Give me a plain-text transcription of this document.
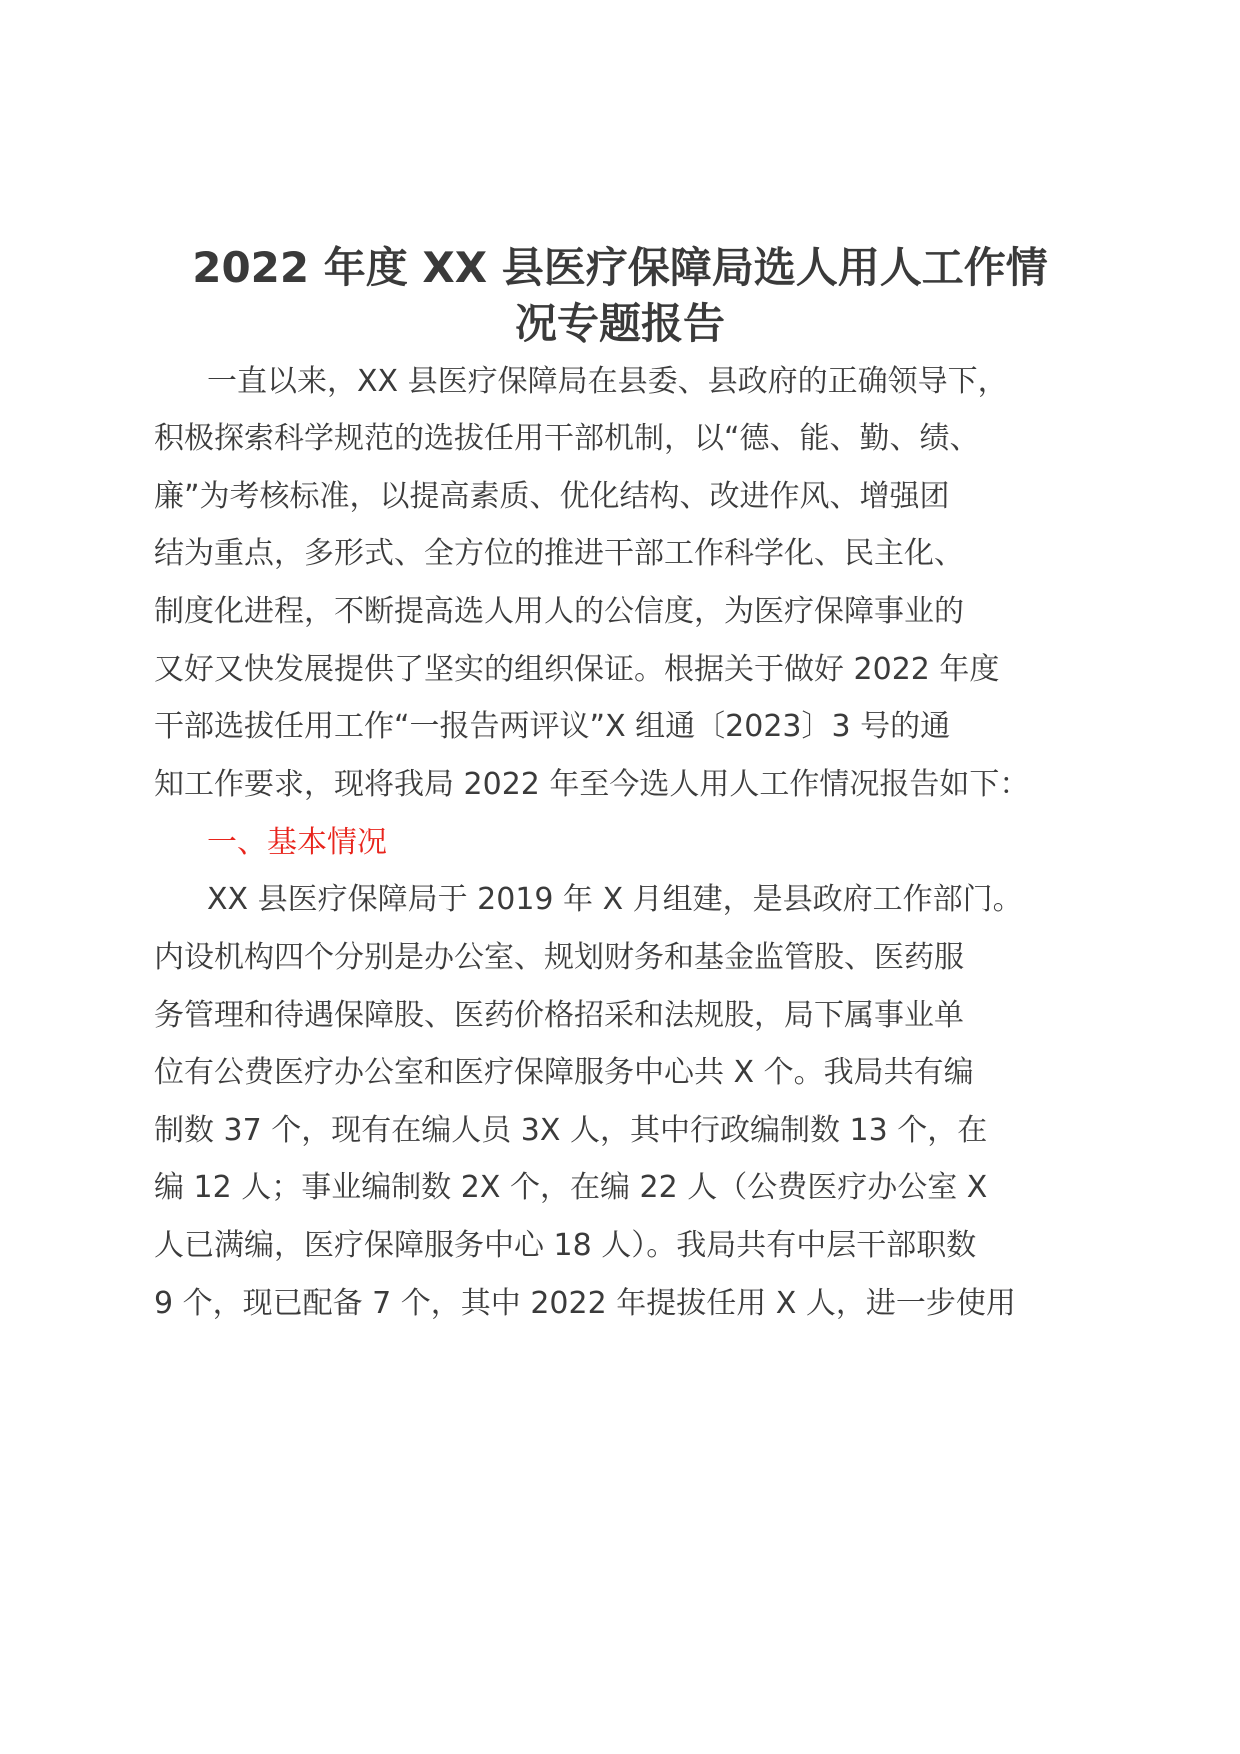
2022 年度 XX 县医疗保障局选人用人工作情
况专题报告
一直以来，XX 县医疗保障局在县委、县政府的正确领导下，
积极探索科学规范的选拔任用干部机制，以“德、能、勤、绩、
廉”为考核标准，以提高素质、优化结构、改进作风、增强团
结为重点，多形式、全方位的推进干部工作科学化、民主化、
制度化进程，不断提高选人用人的公信度，为医疗保障事业的
又好又快发展提供了坚实的组织保证。根据关于做好 2022 年度
干部选拔任用工作“一报告两评议”X 组通〔2023〕3 号的通
知工作要求，现将我局 2022 年至今选人用人工作情况报告如下：
一、基本情况
XX 县医疗保障局于 2019 年 X 月组建，是县政府工作部门。
内设机构四个分别是办公室、规划财务和基金监管股、医药服
务管理和待遇保障股、医药价格招采和法规股，局下属事业单
位有公费医疗办公室和医疗保障服务中心共 X 个。我局共有编
制数 37 个，现有在编人员 3X 人，其中行政编制数 13 个，在
编 12 人；事业编制数 2X 个，在编 22 人（公费医疗办公室 X
人已满编，医疗保障服务中心 18 人）。我局共有中层干部职数
9 个，现已配备 7 个，其中 2022 年提拔任用 X 人，进一步使用
